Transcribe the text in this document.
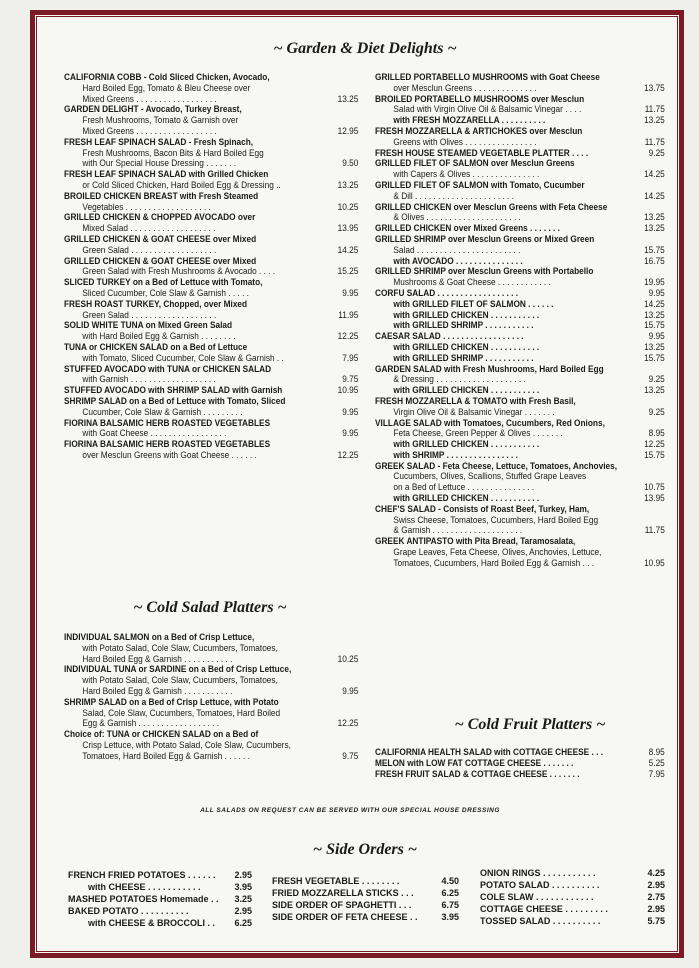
~ Garden & Diet Delights ~
~ Cold Salad Platters ~
~ Cold Fruit Platters ~
~ Side Orders ~
CALIFORNIA COBB - Cold Sliced Chicken, Avocado,
Hard Boiled Egg, Tomato & Bleu Cheese over
Mixed Greens . . . . . . . . . . . . . . . . . .	13.25
GARDEN DELIGHT - Avocado, Turkey Breast,
Fresh Mushrooms, Tomato & Garnish over
Mixed Greens . . . . . . . . . . . . . . . . . .	12.95
FRESH LEAF SPINACH SALAD - Fresh Spinach,
Fresh Mushrooms, Bacon Bits & Hard Boiled Egg
with Our Special House Dressing . . . . . . .	9.50
FRESH LEAF SPINACH SALAD with Grilled Chicken
or Cold Sliced Chicken, Hard Boiled Egg & Dressing ..	13.25
BROILED CHICKEN BREAST with Fresh Steamed
Vegetables . . . . . . . . . . . . . . . . . . .	10.25
GRILLED CHICKEN & CHOPPED AVOCADO over
Mixed Salad . . . . . . . . . . . . . . . . . . .	13.95
GRILLED CHICKEN & GOAT CHEESE over Mixed
Green Salad . . . . . . . . . . . . . . . . . . .	14.25
GRILLED CHICKEN & GOAT CHEESE over Mixed
Green Salad with Fresh Mushrooms & Avocado . . . .	15.25
SLICED TURKEY on a Bed of Lettuce with Tomato,
Sliced Cucumber, Cole Slaw & Garnish . . . . .	9.95
FRESH ROAST TURKEY, Chopped, over Mixed
Green Salad . . . . . . . . . . . . . . . . . . .	11.95
SOLID WHITE TUNA on Mixed Green Salad
with Hard Boiled Egg & Garnish . . . . . . . .	12.25
TUNA or CHICKEN SALAD on a Bed of Lettuce
with Tomato, Sliced Cucumber, Cole Slaw & Garnish . .	7.95
STUFFED AVOCADO with TUNA or CHICKEN SALAD
with Garnish . . . . . . . . . . . . . . . . . . .	9.75
STUFFED AVOCADO with SHRIMP SALAD with Garnish	10.95
SHRIMP SALAD on a Bed of Lettuce with Tomato, Sliced
Cucumber, Cole Slaw & Garnish . . . . . . . . .	9.95
FIORINA BALSAMIC HERB ROASTED VEGETABLES
with Goat Cheese . . . . . . . . . . . . . . . . .	9.95
FIORINA BALSAMIC HERB ROASTED VEGETABLES
over Mesclun Greens with Goat Cheese . . . . . .	12.25
GRILLED PORTABELLO MUSHROOMS with Goat Cheese
over Mesclun Greens . . . . . . . . . . . . . .	13.75
BROILED PORTABELLO MUSHROOMS over Mesclun
Salad with Virgin Olive Oil & Balsamic Vinegar . . . .	11.75
with FRESH MOZZARELLA . . . . . . . . . .	13.25
FRESH MOZZARELLA & ARTICHOKES over Mesclun
Greens with Olives . . . . . . . . . . . . . . . .	11.75
FRESH HOUSE STEAMED VEGETABLE PLATTER . . . .	9.25
GRILLED FILET OF SALMON over Mesclun Greens
with Capers & Olives . . . . . . . . . . . . . . .	14.25
GRILLED FILET OF SALMON with Tomato, Cucumber
& Dill . . . . . . . . . . . . . . . . . . . . . .	14.25
GRILLED CHICKEN over Mesclun Greens with Feta Cheese
& Olives . . . . . . . . . . . . . . . . . . . . .	13.25
GRILLED CHICKEN over Mixed Greens . . . . . . .	13.25
GRILLED SHRIMP over Mesclun Greens or Mixed Green
Salad . . . . . . . . . . . . . . . . . . . . . . .	15.75
with AVOCADO . . . . . . . . . . . . . . .	16.75
GRILLED SHRIMP over Mesclun Greens with Portabello
Mushrooms & Goat Cheese . . . . . . . . . . . .	19.95
CORFU SALAD . . . . . . . . . . . . . . . . . .	9.95
with GRILLED FILET OF SALMON . . . . . .	14.25
with GRILLED CHICKEN . . . . . . . . . . .	13.25
with GRILLED SHRIMP . . . . . . . . . . .	15.75
CAESAR SALAD . . . . . . . . . . . . . . . . . .	9.95
with GRILLED CHICKEN . . . . . . . . . . .	13.25
with GRILLED SHRIMP . . . . . . . . . . .	15.75
GARDEN SALAD with Fresh Mushrooms, Hard Boiled Egg
& Dressing . . . . . . . . . . . . . . . . . . . .	9.25
with GRILLED CHICKEN . . . . . . . . . . .	13.25
FRESH MOZZARELLA & TOMATO with Fresh Basil,
Virgin Olive Oil & Balsamic Vinegar . . . . . . .	9.25
VILLAGE SALAD with Tomatoes, Cucumbers, Red Onions,
Feta Cheese, Green Pepper & Olives . . . . . . .	8.95
with GRILLED CHICKEN . . . . . . . . . . .	12.25
with SHRIMP . . . . . . . . . . . . . . . .	15.75
GREEK SALAD - Feta Cheese, Lettuce, Tomatoes, Anchovies,
Cucumbers, Olives, Scallions, Stuffed Grape Leaves
on a Bed of Lettuce . . . . . . . . . . . . . . .	10.75
with GRILLED CHICKEN . . . . . . . . . . .	13.95
CHEF'S SALAD - Consists of Roast Beef, Turkey, Ham,
Swiss Cheese, Tomatoes, Cucumbers, Hard Boiled Egg
& Garnish . . . . . . . . . . . . . . . . . . . .	11.75
GREEK ANTIPASTO with Pita Bread, Taramosalata,
Grape Leaves, Feta Cheese, Olives, Anchovies, Lettuce,
Tomatoes, Cucumbers, Hard Boiled Egg & Garnish . . .	10.95
INDIVIDUAL SALMON on a Bed of Crisp Lettuce,
with Potato Salad, Cole Slaw, Cucumbers, Tomatoes,
Hard Boiled Egg & Garnish . . . . . . . . . . .	10.25
INDIVIDUAL TUNA or SARDINE on a Bed of Crisp Lettuce,
with Potato Salad, Cole Slaw, Cucumbers, Tomatoes,
Hard Boiled Egg & Garnish . . . . . . . . . . .	9.95
SHRIMP SALAD on a Bed of Crisp Lettuce, with Potato
Salad, Cole Slaw, Cucumbers, Tomatoes, Hard Boiled
Egg & Garnish . . . . . . . . . . . . . . . . . .	12.25
Choice of: TUNA or CHICKEN SALAD on a Bed of
Crisp Lettuce, with Potato Salad, Cole Slaw, Cucumbers,
Tomatoes, Hard Boiled Egg & Garnish . . . . . .	9.75 CALIFORNIA HEALTH SALAD with COTTAGE CHEESE . . .	8.95
MELON with LOW FAT COTTAGE CHEESE . . . . . . .	5.25
FRESH FRUIT SALAD & COTTAGE CHEESE . . . . . . .	7.95
ALL SALADS ON REQUEST CAN BE SERVED WITH OUR SPECIAL HOUSE DRESSING
FRENCH FRIED POTATOES . . . . . .	2.95
with CHEESE . . . . . . . . . . .	3.95
MASHED POTATOES Homemade . .	3.25
BAKED POTATO . . . . . . . . . .	2.95
with CHEESE & BROCCOLI . .	6.25
FRESH VEGETABLE . . . . . . . .	4.50
FRIED MOZZARELLA STICKS . . .	6.25
SIDE ORDER OF SPAGHETTI . . .	6.75
SIDE ORDER OF FETA CHEESE . .	3.95
ONION RINGS . . . . . . . . . . .	4.25
POTATO SALAD . . . . . . . . . .	2.95
COLE SLAW . . . . . . . . . . . .	2.75
COTTAGE CHEESE . . . . . . . . .	2.95
TOSSED SALAD . . . . . . . . . .	5.75
